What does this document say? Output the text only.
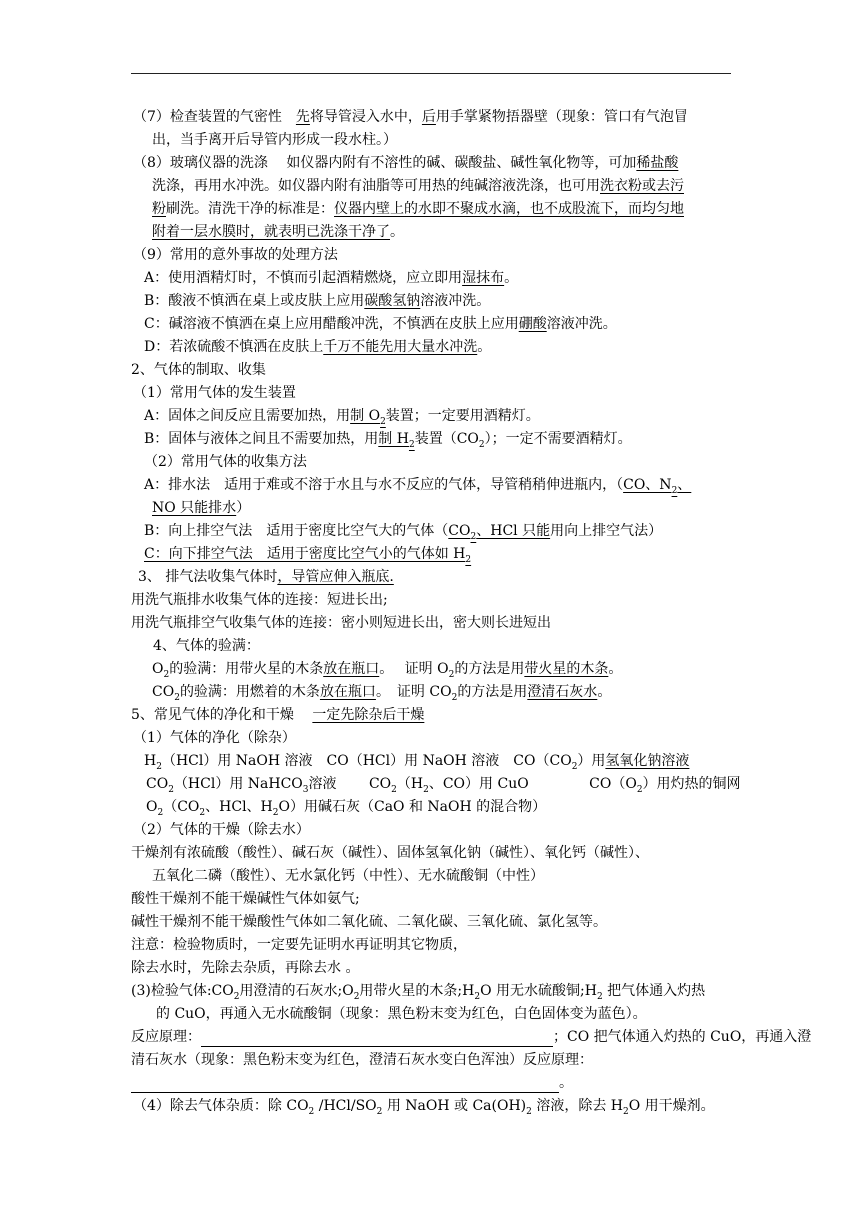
（7）检查装置的气密性　先将导管浸入水中，后用手掌紧物捂器壁（现象：管口有气泡冒
出，当手离开后导管内形成一段水柱。）
（8）玻璃仪器的洗涤　 如仪器内附有不溶性的碱、碳酸盐、碱性氧化物等，可加稀盐酸
洗涤，再用水冲洗。如仪器内附有油脂等可用热的纯碱溶液洗涤，也可用洗衣粉或去污
粉刷洗。清洗干净的标准是：仪器内壁上的水即不聚成水滴，也不成股流下，而均匀地
附着一层水膜时，就表明已洗涤干净了。
（9）常用的意外事故的处理方法
A：使用酒精灯时，不慎而引起酒精燃烧，应立即用湿抹布。
B：酸液不慎洒在桌上或皮肤上应用碳酸氢钠溶液冲洗。
C：碱溶液不慎洒在桌上应用醋酸冲洗，不慎洒在皮肤上应用硼酸溶液冲洗。
D：若浓硫酸不慎洒在皮肤上千万不能先用大量水冲洗。
2、气体的制取、收集
（1）常用气体的发生装置
A：固体之间反应且需要加热，用制 $O_2$装置；一定要用酒精灯。
B：固体与液体之间且不需要加热，用制 $H_2$装置$(CO_2)$；一定不需要酒精灯。
（2）常用气体的收集方法
A：排水法　适用于难或不溶于水且与水不反应的气体，导管稍稍伸进瓶内，（CO、$N_2$、
NO 只能排水）
B：向上排空气法　适用于密度比空气大的气体（$CO_2$、HCl 只能用向上排空气法）
C：向下排空气法　适用于密度比空气小的气体如 $H_2$
3、 排气法收集气体时，导管应伸入瓶底.
用洗气瓶排水收集气体的连接：短进长出;
用洗气瓶排空气收集气体的连接：密小则短进长出，密大则长进短出
4、气体的验满：
$O_2$的验满：用带火星的木条放在瓶口。　 证明 $O_2$的方法是用带火星的木条。
$CO_2$的验满：用燃着的木条放在瓶口。　证明 $CO_2$的方法是用澄清石灰水。
5、常见气体的净化和干燥　 一定先除杂后干燥
（1）气体的净化（除杂）
$H_2(HCl)$用 NaOH 溶液　CO（HCl）用 NaOH 溶液　$CO(CO_2)$用氢氧化钠溶液
$CO_2(HCl)$用 NaHCO$_3$溶液　　 $CO_2(H_2$、CO）用 CuO　　　　 $CO(O_2)$用灼热的铜网
$O_2(CO_2$、HCl、$H_2O$）用碱石灰（CaO 和 NaOH 的混合物）
（2）气体的干燥（除去水）
干燥剂有浓硫酸（酸性）、碱石灰（碱性）、固体氢氧化钠（碱性）、氧化钙（碱性）、
五氧化二磷（酸性）、无水氯化钙（中性）、无水硫酸铜（中性）
酸性干燥剂不能干燥碱性气体如氨气;
碱性干燥剂不能干燥酸性气体如二氧化硫、二氧化碳、三氧化硫、氯化氢等。
注意：检验物质时，一定要先证明水再证明其它物质，
除去水时，先除去杂质，再除去水 。
(3)检验气体$:CO_2$用澄清的石灰水$;O_2$用带火星的木条$;H_2O$ 用无水硫酸铜$;H_2$ 把气体通入灼热
的 CuO，再通入无水硫酸铜（现象：黑色粉末变为红色，白色固体变为蓝色）。
反应原理：	；CO 把气体通入灼热的 CuO，再通入澄
清石灰水（现象：黑色粉末变为红色，澄清石灰水变白色浑浊）反应原理：
。
（4）除去气体杂质：除 $CO_2$ $/HCl/SO_2$ 用 NaOH 或 $Ca(OH)_2$ 溶液，除去 $H_2O$ 用干燥剂。
